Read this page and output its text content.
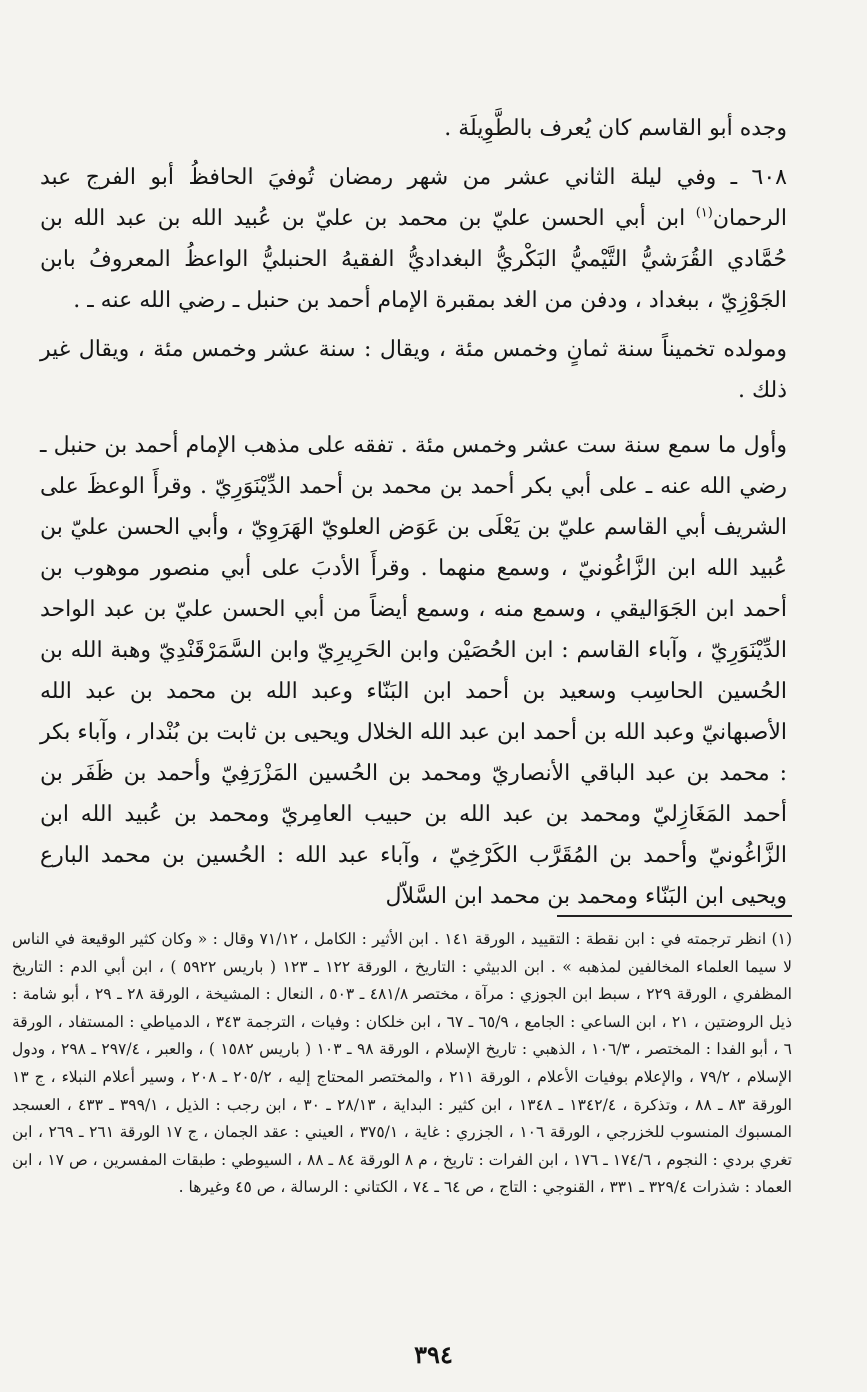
وجده أبو القاسم كان يُعرف بالطَّوِيلَة .

٦٠٨ ـ وفي ليلة الثاني عشر من شهر رمضان تُوفيَ الحافظُ أبو الفرج عبد الرحمان$^{(١)}$ ابن أبي الحسن عليّ بن محمد بن عليّ بن عُبيد الله بن عبد الله بن حُمَّادي القُرَشيُّ التَّيْميُّ البَكْريُّ البغداديُّ الفقيهُ الحنبليُّ الواعظُ المعروفُ بابن الجَوْزِيّ ، ببغداد ، ودفن من الغد بمقبرة الإمام أحمد بن حنبل ـ رضي الله عنه ـ .

ومولده تخميناً سنة ثمانٍ وخمس مئة ، ويقال : سنة عشر وخمس مئة ، ويقال غير ذلك .

وأول ما سمع سنة ست عشر وخمس مئة . تفقه على مذهب الإمام أحمد بن حنبل ـ رضي الله عنه ـ على أبي بكر أحمد بن محمد بن أحمد الدِّيْنَوَرِيّ . وقرأَ الوعظَ على الشريف أبي القاسم عليّ بن يَعْلَى بن عَوَض العلويّ الهَرَوِيّ ، وأبي الحسن عليّ بن عُبيد الله ابن الزَّاغُونيّ ، وسمع منهما . وقرأَ الأدبَ على أبي منصور موهوب بن أحمد ابن الجَوَاليقي ، وسمع منه ، وسمع أيضاً من أبي الحسن عليّ بن عبد الواحد الدِّيْنَوَرِيّ ، وآباء القاسم : ابن الحُصَيْن وابن الحَرِيرِيّ وابن السَّمَرْقَنْدِيّ وهبة الله بن الحُسين الحاسِب وسعيد بن أحمد ابن البَنّاء وعبد الله بن محمد بن عبد الله الأصبهانيّ وعبد الله بن أحمد ابن عبد الله الخلال ويحيى بن ثابت بن بُنْدار ، وآباء بكر : محمد بن عبد الباقي الأنصاريّ ومحمد بن الحُسين المَزْرَفِيّ وأحمد بن ظَفَر بن أحمد المَغَازِليّ ومحمد بن عبد الله بن حبيب العامِريّ ومحمد بن عُبيد الله ابن الزَّاغُونيّ وأحمد بن المُقَرَّب الكَرْخِيّ ، وآباء عبد الله : الحُسين بن محمد البارع ويحيى ابن البَنّاء ومحمد بن محمد ابن السَّلاّل

(١) انظر ترجمته في : ابن نقطة : التقييد ، الورقة ١٤١ . ابن الأثير : الكامل ، ٧١/١٢ وقال : « وكان كثير الوقيعة في الناس لا سيما العلماء المخالفين لمذهبه » . ابن الدبيثي : التاريخ ، الورقة ١٢٢ ـ ١٢٣ ( باريس ٥٩٢٢ ) ، ابن أبي الدم : التاريخ المظفري ، الورقة ٢٢٩ ، سبط ابن الجوزي : مرآة ، مختصر ٤٨١/٨ ـ ٥٠٣ ، النعال : المشيخة ، الورقة ٢٨ ـ ٢٩ ، أبو شامة : ذيل الروضتين ، ٢١ ، ابن الساعي : الجامع ، ٦٥/٩ ـ ٦٧ ، ابن خلكان : وفيات ، الترجمة ٣٤٣ ، الدمياطي : المستفاد ، الورقة ٦ ، أبو الفدا : المختصر ، ١٠٦/٣ ، الذهبي : تاريخ الإسلام ، الورقة ٩٨ ـ ١٠٣ ( باريس ١٥٨٢ ) ، والعبر ، ٢٩٧/٤ ـ ٢٩٨ ، ودول الإسلام ، ٧٩/٢ ، والإعلام بوفيات الأعلام ، الورقة ٢١١ ، والمختصر المحتاج إليه ، ٢٠٥/٢ ـ ٢٠٨ ، وسير أعلام النبلاء ، ج ١٣ الورقة ٨٣ ـ ٨٨ ، وتذكرة ، ١٣٤٢/٤ ـ ١٣٤٨ ، ابن كثير : البداية ، ٢٨/١٣ ـ ٣٠ ، ابن رجب : الذيل ، ٣٩٩/١ ـ ٤٣٣ ، العسجد المسبوك المنسوب للخزرجي ، الورقة ١٠٦ ، الجزري : غاية ، ٣٧٥/١ ، العيني : عقد الجمان ، ج ١٧ الورقة ٢٦١ ـ ٢٦٩ ، ابن تغري بردي : النجوم ، ١٧٤/٦ ـ ١٧٦ ، ابن الفرات : تاريخ ، م ٨ الورقة ٨٤ ـ ٨٨ ، السيوطي : طبقات المفسرين ، ص ١٧ ، ابن العماد : شذرات ٣٢٩/٤ ـ ٣٣١ ، القنوجي : التاج ، ص ٦٤ ـ ٧٤ ، الكتاني : الرسالة ، ص ٤٥ وغيرها .

٣٩٤
